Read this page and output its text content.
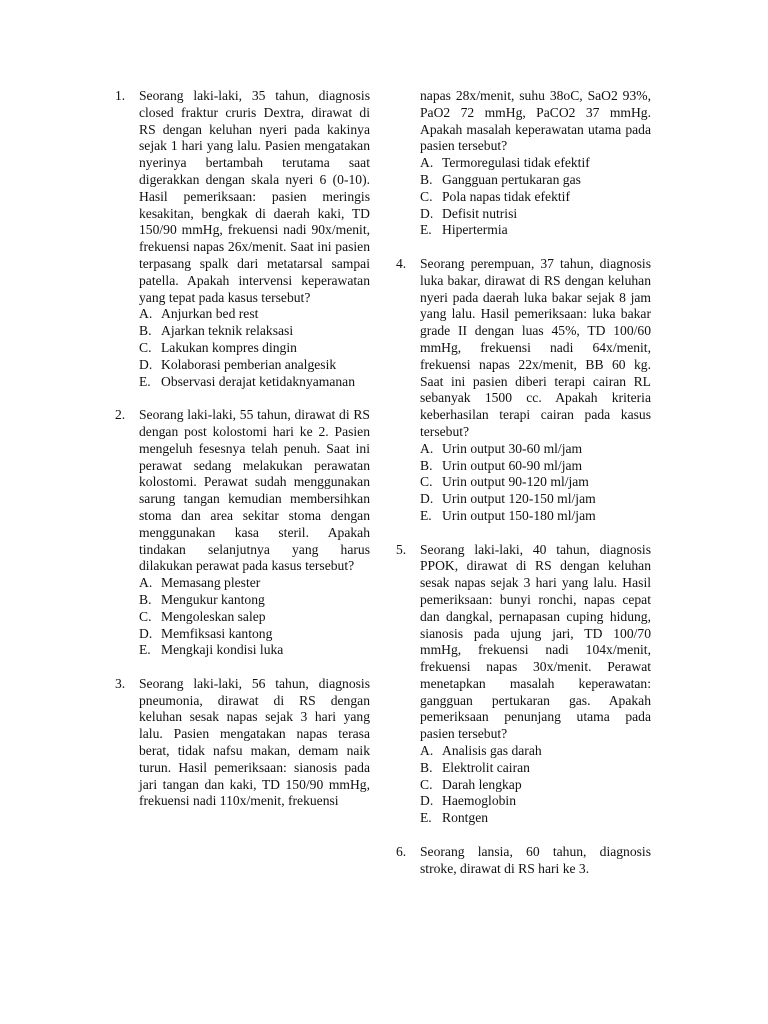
1.	Seorang laki-laki, 35 tahun, diagnosis closed fraktur cruris Dextra, dirawat di RS dengan keluhan nyeri pada kakinya sejak 1 hari yang lalu. Pasien mengatakan nyerinya bertambah terutama saat digerakkan dengan skala nyeri 6 (0-10). Hasil pemeriksaan: pasien meringis kesakitan, bengkak di daerah kaki, TD 150/90 mmHg, frekuensi nadi 90x/menit, frekuensi napas 26x/menit. Saat ini pasien terpasang spalk dari metatarsal sampai patella. Apakah intervensi keperawatan yang tepat pada kasus tersebut?

A. Anjurkan bed rest
B. Ajarkan teknik relaksasi
C. Lakukan kompres dingin
D. Kolaborasi pemberian analgesik
E. Observasi derajat ketidaknyamanan
2.	Seorang laki-laki, 55 tahun, dirawat di RS dengan post kolostomi hari ke 2. Pasien mengeluh fesesnya telah penuh. Saat ini perawat sedang melakukan perawatan kolostomi. Perawat sudah menggunakan sarung tangan kemudian membersihkan stoma dan area sekitar stoma dengan menggunakan kasa steril. Apakah tindakan selanjutnya yang harus dilakukan perawat pada kasus tersebut?

A. Memasang plester
B. Mengukur kantong
C. Mengoleskan salep
D. Memfiksasi kantong
E. Mengkaji kondisi luka
3.	Seorang laki-laki, 56 tahun, diagnosis pneumonia, dirawat di RS dengan keluhan sesak napas sejak 3 hari yang lalu. Pasien mengatakan napas terasa berat, tidak nafsu makan, demam naik turun. Hasil pemeriksaan: sianosis pada jari tangan dan kaki, TD 150/90 mmHg, frekuensi nadi 110x/menit, frekuensi

napas 28x/menit, suhu 38oC, SaO2 93%, PaO2 72 mmHg, PaCO2 37 mmHg. Apakah masalah keperawatan utama pada pasien tersebut?

A. Termoregulasi tidak efektif
B. Gangguan pertukaran gas
C. Pola napas tidak efektif
D. Defisit nutrisi
E. Hipertermia
4.	Seorang perempuan, 37 tahun, diagnosis luka bakar, dirawat di RS dengan keluhan nyeri pada daerah luka bakar sejak 8 jam yang lalu. Hasil pemeriksaan: luka bakar grade II dengan luas 45%, TD 100/60 mmHg, frekuensi nadi 64x/menit, frekuensi napas 22x/menit, BB 60 kg. Saat ini pasien diberi terapi cairan RL sebanyak 1500 cc. Apakah kriteria keberhasilan terapi cairan pada kasus tersebut?

A. Urin output 30-60 ml/jam
B. Urin output 60-90 ml/jam
C. Urin output 90-120 ml/jam
D. Urin output 120-150 ml/jam
E. Urin output 150-180 ml/jam
5.	Seorang laki-laki, 40 tahun, diagnosis PPOK, dirawat di RS dengan keluhan sesak napas sejak 3 hari yang lalu. Hasil pemeriksaan: bunyi ronchi, napas cepat dan dangkal, pernapasan cuping hidung, sianosis pada ujung jari, TD 100/70 mmHg, frekuensi nadi 104x/menit, frekuensi napas 30x/menit. Perawat menetapkan masalah keperawatan: gangguan pertukaran gas. Apakah pemeriksaan penunjang utama pada pasien tersebut?

A. Analisis gas darah
B. Elektrolit cairan
C. Darah lengkap
D. Haemoglobin
E. Rontgen
6.	Seorang lansia, 60 tahun, diagnosis stroke, dirawat di RS hari ke 3.
